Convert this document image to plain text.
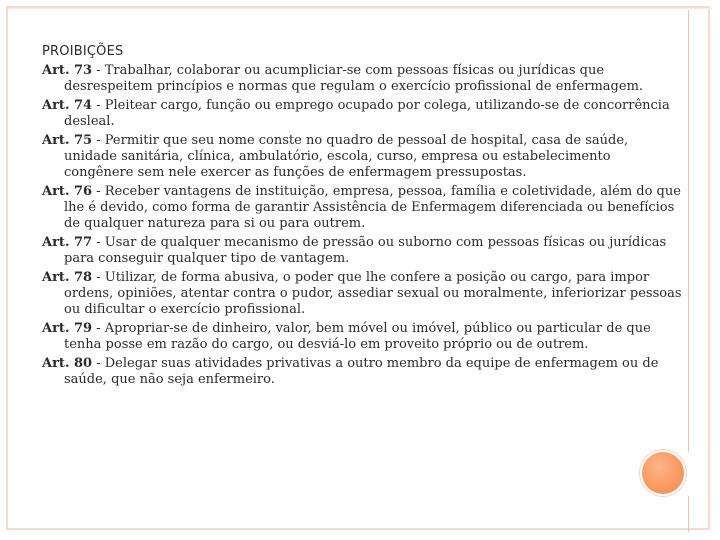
PROIBIÇÕES

Art. 73 - Trabalhar, colaborar ou acumpliciar-se com pessoas físicas ou jurídicas que desrespeitem princípios e normas que regulam o exercício profissional de enfermagem.

Art. 74 - Pleitear cargo, função ou emprego ocupado por colega, utilizando-se de concorrência desleal.

Art. 75 - Permitir que seu nome conste no quadro de pessoal de hospital, casa de saúde, unidade sanitária, clínica, ambulatório, escola, curso, empresa ou estabelecimento congênere sem nele exercer as funções de enfermagem pressupostas.

Art. 76 - Receber vantagens de instituição, empresa, pessoa, família e coletividade, além do que lhe é devido, como forma de garantir Assistência de Enfermagem diferenciada ou benefícios de qualquer natureza para si ou para outrem.

Art. 77 - Usar de qualquer mecanismo de pressão ou suborno com pessoas físicas ou jurídicas para conseguir qualquer tipo de vantagem.

Art. 78 - Utilizar, de forma abusiva, o poder que lhe confere a posição ou cargo, para impor ordens, opiniões, atentar contra o pudor, assediar sexual ou moralmente, inferiorizar pessoas ou dificultar o exercício profissional.

Art. 79 - Apropriar-se de dinheiro, valor, bem móvel ou imóvel, público ou particular de que tenha posse em razão do cargo, ou desviá-lo em proveito próprio ou de outrem.

Art. 80 - Delegar suas atividades privativas a outro membro da equipe de enfermagem ou de saúde, que não seja enfermeiro.
